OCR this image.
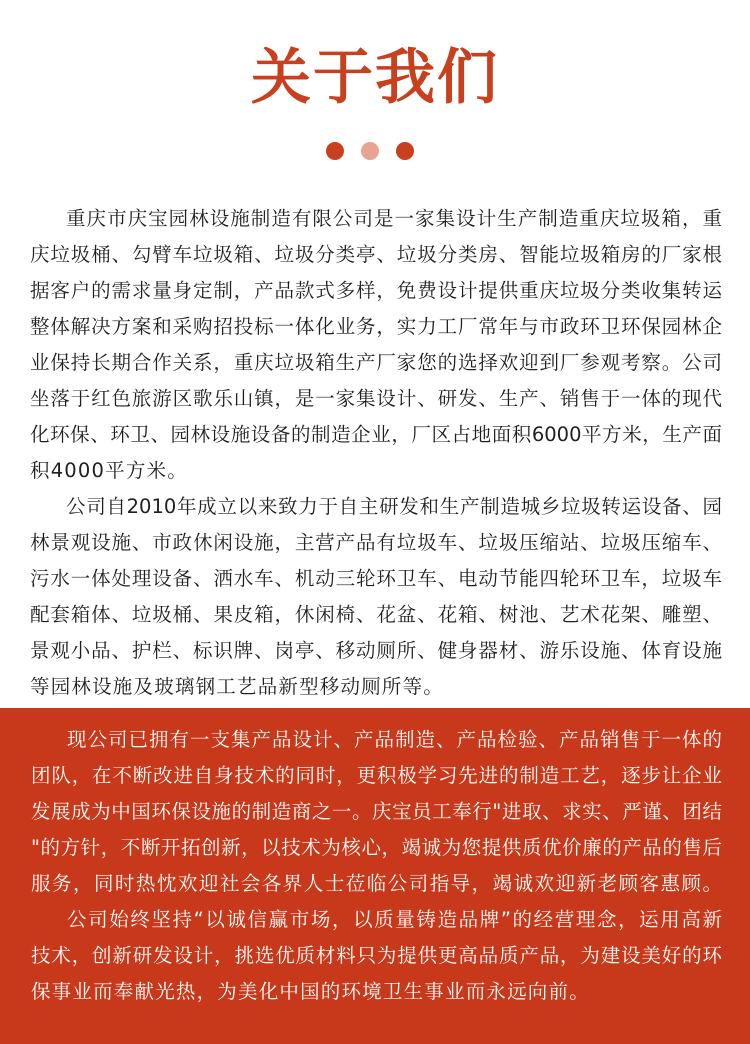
关于我们
重庆市庆宝园林设施制造有限公司是一家集设计生产制造重庆垃圾箱，重
庆垃圾桶、勾臂车垃圾箱、垃圾分类亭、垃圾分类房、智能垃圾箱房的厂家根
据客户的需求量身定制，产品款式多样，免费设计提供重庆垃圾分类收集转运
整体解决方案和采购招投标一体化业务，实力工厂常年与市政环卫环保园林企
业保持长期合作关系，重庆垃圾箱生产厂家您的选择欢迎到厂参观考察。公司
坐落于红色旅游区歌乐山镇，是一家集设计、研发、生产、销售于一体的现代
化环保、环卫、园林设施设备的制造企业，厂区占地面积6000平方米，生产面
积4000平方米。
公司自2010年成立以来致力于自主研发和生产制造城乡垃圾转运设备、园
林景观设施、市政休闲设施，主营产品有垃圾车、垃圾压缩站、垃圾压缩车、
污水一体处理设备、洒水车、机动三轮环卫车、电动节能四轮环卫车，垃圾车
配套箱体、垃圾桶、果皮箱，休闲椅、花盆、花箱、树池、艺术花架、雕塑、
景观小品、护栏、标识牌、岗亭、移动厕所、健身器材、游乐设施、体育设施
等园林设施及玻璃钢工艺品新型移动厕所等。
现公司已拥有一支集产品设计、产品制造、产品检验、产品销售于一体的
团队，在不断改进自身技术的同时，更积极学习先进的制造工艺，逐步让企业
发展成为中国环保设施的制造商之一。庆宝员工奉行"进取、求实、严谨、团结
"的方针，不断开拓创新，以技术为核心，竭诚为您提供质优价廉的产品的售后
服务，同时热忱欢迎社会各界人士莅临公司指导，竭诚欢迎新老顾客惠顾。
公司始终坚持“以诚信赢市场，以质量铸造品牌”的经营理念，运用高新
技术，创新研发设计，挑选优质材料只为提供更高品质产品，为建设美好的环
保事业而奉献光热，为美化中国的环境卫生事业而永远向前。
